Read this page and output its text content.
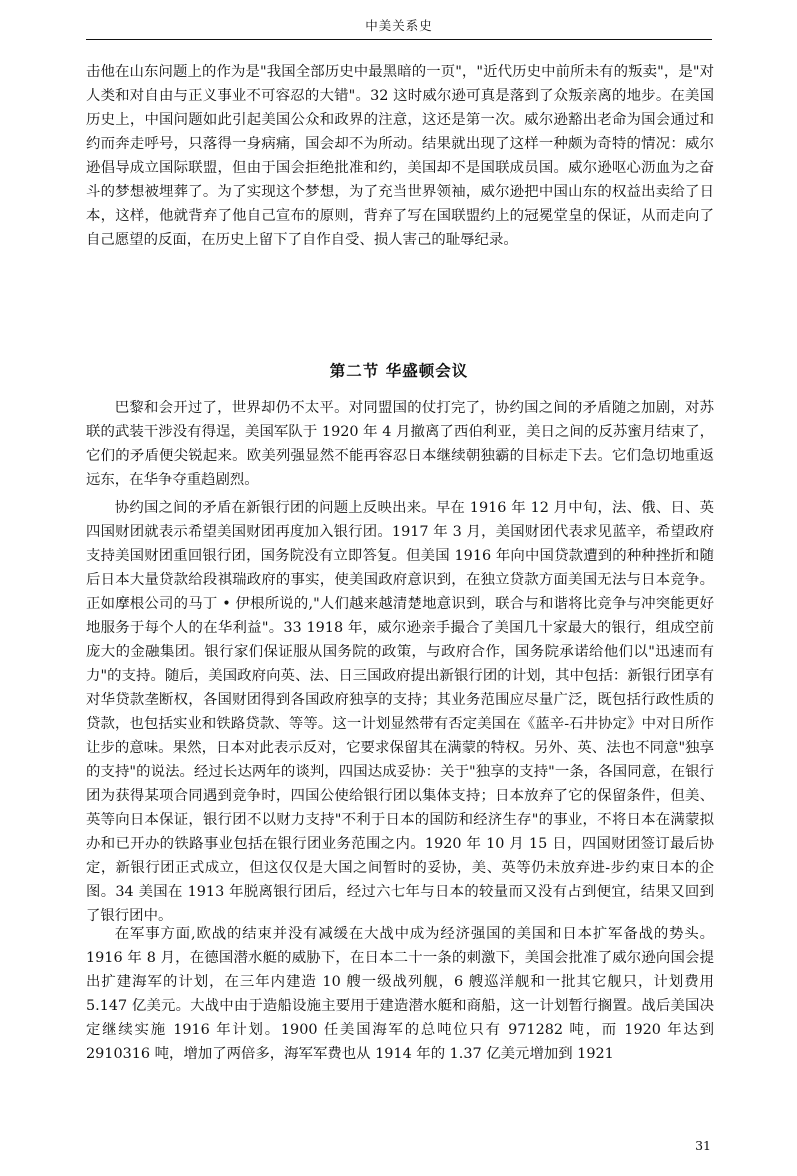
中美关系史

击他在山东问题上的作为是"我国全部历史中最黑暗的一页"，"近代历史中前所未有的叛卖"，是"对人类和对自由与正义事业不可容忍的大错"。32 这时威尔逊可真是落到了众叛亲离的地步。在美国历史上，中国问题如此引起美国公众和政界的注意，这还是第一次。威尔逊豁出老命为国会通过和约而奔走呼号，只落得一身病痛，国会却不为所动。结果就出现了这样一种颇为奇特的情况：威尔逊倡导成立国际联盟，但由于国会拒绝批准和约，美国却不是国联成员国。威尔逊呕心沥血为之奋斗的梦想被埋葬了。为了实现这个梦想，为了充当世界领袖，威尔逊把中国山东的权益出卖给了日本，这样，他就背弃了他自己宣布的原则，背弃了写在国联盟约上的冠冕堂皇的保证，从而走向了自己愿望的反面，在历史上留下了自作自受、损人害己的耻辱纪录。

第二节 华盛顿会议

巴黎和会开过了，世界却仍不太平。对同盟国的仗打完了，协约国之间的矛盾随之加剧，对苏联的武装干涉没有得逞，美国军队于 1920 年 4 月撤离了西伯利亚，美日之间的反苏蜜月结束了，它们的矛盾便尖锐起来。欧美列强显然不能再容忍日本继续朝独霸的目标走下去。它们急切地重返远东，在华争夺重趋剧烈。

协约国之间的矛盾在新银行团的问题上反映出来。早在 1916 年 12 月中旬，法、俄、日、英四国财团就表示希望美国财团再度加入银行团。1917 年 3 月，美国财团代表求见蓝辛，希望政府支持美国财团重回银行团，国务院没有立即答复。但美国 1916 年向中国贷款遭到的种种挫折和随后日本大量贷款给段祺瑞政府的事实，使美国政府意识到，在独立贷款方面美国无法与日本竞争。正如摩根公司的马丁 • 伊根所说的,"人们越来越清楚地意识到，联合与和谐将比竞争与冲突能更好地服务于每个人的在华利益"。33 1918 年，威尔逊亲手撮合了美国几十家最大的银行，组成空前庞大的金融集团。银行家们保证服从国务院的政策，与政府合作，国务院承诺给他们以"迅速而有力"的支持。随后，美国政府向英、法、日三国政府提出新银行团的计划，其中包括：新银行团享有对华贷款垄断权，各国财团得到各国政府独享的支持；其业务范围应尽量广泛，既包括行政性质的贷款，也包括实业和铁路贷款、等等。这一计划显然带有否定美国在《蓝辛-石井协定》中对日所作让步的意味。果然，日本对此表示反对，它要求保留其在满蒙的特权。另外、英、法也不同意"独享的支持"的说法。经过长达两年的谈判，四国达成妥协：关于"独享的支持"一条，各国同意，在银行团为获得某项合同遇到竞争时，四国公使给银行团以集体支持；日本放弃了它的保留条件，但美、英等向日本保证，银行团不以财力支持"不利于日本的国防和经济生存"的事业，不将日本在满蒙拟办和已开办的铁路事业包括在银行团业务范围之内。1920 年 10 月 15 日，四国财团签订最后协定，新银行团正式成立，但这仅仅是大国之间暂时的妥协，美、英等仍未放弃进-步约束日本的企图。34 美国在 1913 年脱离银行团后，经过六七年与日本的较量而又没有占到便宜，结果又回到了银行团中。

在军事方面,欧战的结束并没有减缓在大战中成为经济强国的美国和日本扩军备战的势头。1916 年 8 月，在德国潜水艇的威胁下，在日本二十一条的刺激下，美国会批准了威尔逊向国会提出扩建海军的计划，在三年内建造 10 艘一级战列舰，6 艘巡洋舰和一批其它舰只，计划费用 5.147 亿美元。大战中由于造船设施主要用于建造潜水艇和商船，这一计划暂行搁置。战后美国决定继续实施 1916 年计划。1900 任美国海军的总吨位只有 971282 吨，而 1920 年达到 2910316 吨，增加了两倍多，海军军费也从 1914 年的 1.37 亿美元增加到 1921

31
